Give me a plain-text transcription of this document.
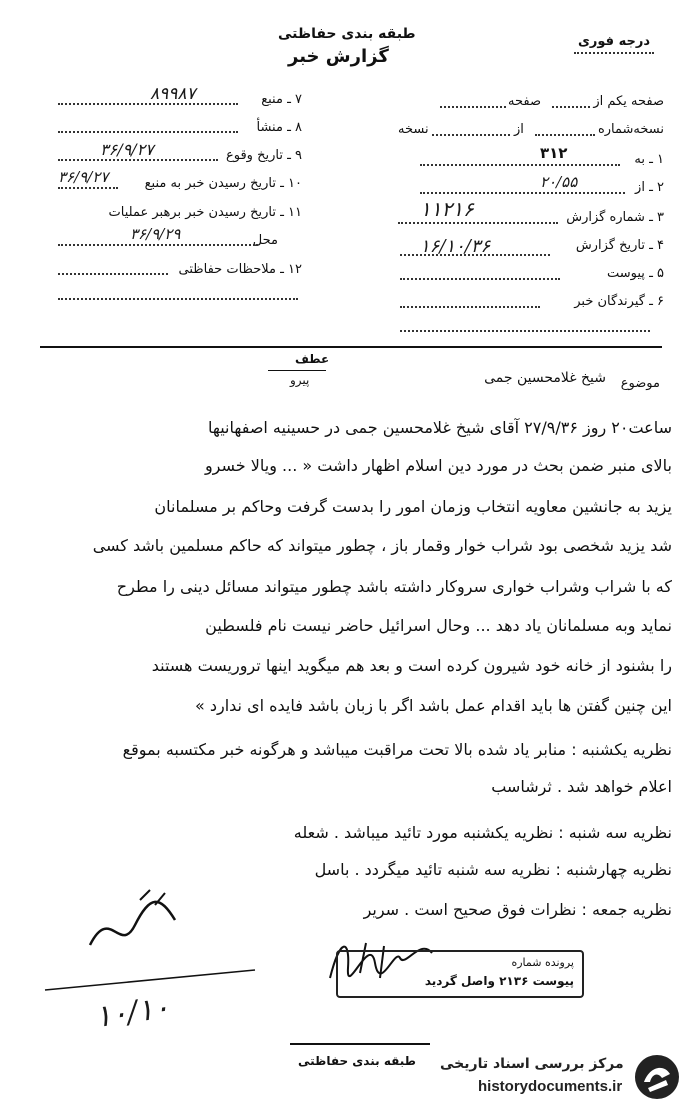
طبقه بندی حفاظتی
گزارش خبر
درجه فوری
۷ ـ منبع
۸۹۹۸۷
۸ ـ منشأ
۹ ـ تاریخ وقوع
۳۶/۹/۲۷
۱۰ ـ تاریخ رسیدن خبر به منبع
۳۶/۹/۲۷
۱۱ ـ تاریخ رسیدن خبر برهبر عملیات
محل
۳۶/۹/۲۹
۱۲ ـ ملاحظات حفاظتی
صفحه یکم از
صفحه
نسخه‌شماره
از
نسخه
۱ ـ به
۳۱۲
۲ ـ از
۲۰/۵۵
۳ ـ شماره گزارش
۱۱۲۱۶
۴ ـ تاریخ گزارش
۱۶/۱۰/۳۶
۵ ـ پیوست
۶ ـ گیرندگان خبر
عطف
پیرو	موضوع
شیخ غلامحسین جمی
ساعت۲۰ روز ۲۷/۹/۳۶ آقای شیخ غلامحسین جمی در حسینیه اصفهانیها
بالای منبر ضمن بحث در مورد دین اسلام اظهار داشت « ... ویالا خسرو
یزید به جانشین معاویه انتخاب وزمان امور را بدست گرفت وحاکم بر مسلمانان
شد یزید شخصی بود شراب خوار وقمار باز ، چطور میتواند که حاکم مسلمین باشد کسی
که با شراب وشراب خواری سروکار داشته باشد چطور میتواند مسائل دینی را مطرح
نماید وبه مسلمانان یاد دهد ... وحال اسرائیل حاضر نیست نام فلسطین
را بشنود از خانه خود شیرون کرده است و بعد هم میگوید اینها تروریست هستند
این چنین گفتن ها باید اقدام عمل باشد اگر با زبان باشد فایده ای ندارد »
نظریه یکشنبه : منابر یاد شده بالا تحت مراقبت میباشد و هرگونه خبر مکتسبه بموقع
اعلام خواهد شد . ثرشاسب
نظریه سه شنبه : نظریه یکشنبه مورد تائید میباشد . شعله
نظریه چهارشنبه : نظریه سه شنبه تائید میگردد . باسل
نظریه جمعه : نظرات فوق صحیح است . سریر
پرونده شماره
پیوست ۲۱۳۶ واصل گردید
۱۰/۱۰
طبقه بندی حفاظتی مرکز بررسی اسناد تاریخی
historydocuments.ir
